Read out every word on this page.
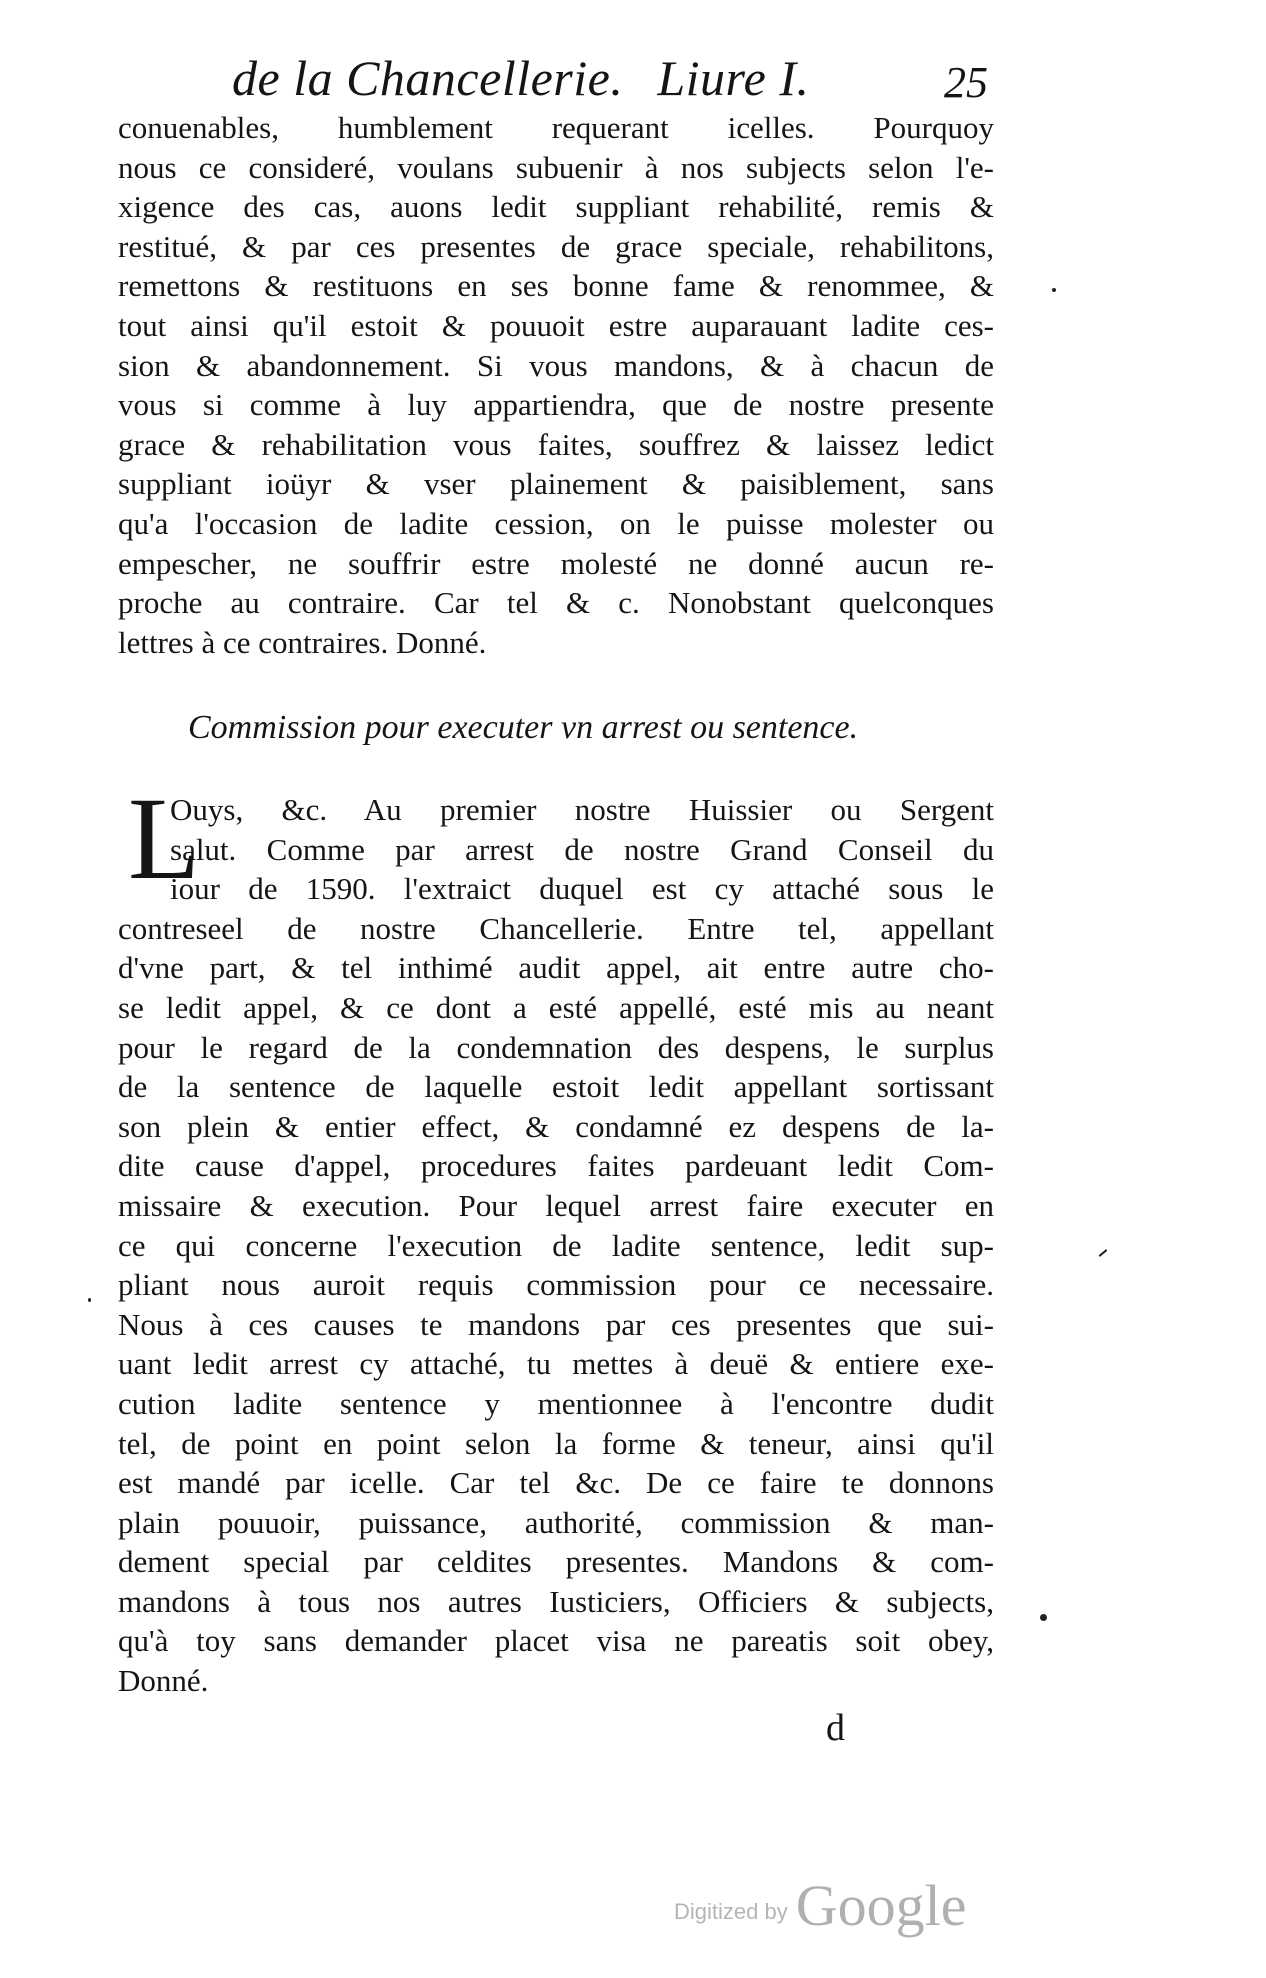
de la Chancellerie. Liure I.	25
conuenables, humblement requerant icelles. Pourquoy
nous ce consideré, voulans subuenir à nos subjects selon l'e-
xigence des cas, auons ledit suppliant rehabilité, remis &
restitué, & par ces presentes de grace speciale, rehabilitons,
remettons & restituons en ses bonne fame & renommee, &
tout ainsi qu'il estoit & pouuoit estre auparauant ladite ces-
sion & abandonnement. Si vous mandons, & à chacun de
vous si comme à luy appartiendra, que de nostre presente
grace & rehabilitation vous faites, souffrez & laissez ledict
suppliant ioüyr & vser plainement & paisiblement, sans
qu'a l'occasion de ladite cession, on le puisse molester ou
empescher, ne souffrir estre molesté ne donné aucun re-
proche au contraire. Car tel & c. Nonobstant quelconques
lettres à ce contraires. Donné.
Commission pour executer vn arrest ou sentence.
L
Ouys, &c. Au premier nostre Huissier ou Sergent
salut. Comme par arrest de nostre Grand Conseil du
iour de 1590. l'extraict duquel est cy attaché sous le
contreseel de nostre Chancellerie. Entre tel, appellant
d'vne part, & tel inthimé audit appel, ait entre autre cho-
se ledit appel, & ce dont a esté appellé, esté mis au neant
pour le regard de la condemnation des despens, le surplus
de la sentence de laquelle estoit ledit appellant sortissant
son plein & entier effect, & condamné ez despens de la-
dite cause d'appel, procedures faites pardeuant ledit Com-
missaire & execution. Pour lequel arrest faire executer en
ce qui concerne l'execution de ladite sentence, ledit sup-
pliant nous auroit requis commission pour ce necessaire.
Nous à ces causes te mandons par ces presentes que sui-
uant ledit arrest cy attaché, tu mettes à deuë & entiere exe-
cution ladite sentence y mentionnee à l'encontre dudit
tel, de point en point selon la forme & teneur, ainsi qu'il
est mandé par icelle. Car tel &c. De ce faire te donnons
plain pouuoir, puissance, authorité, commission & man-
dement special par celdites presentes. Mandons & com-
mandons à tous nos autres Iusticiers, Officiers & subjects,
qu'à toy sans demander placet visa ne pareatis soit obey,
Donné.
d
Digitized by Google
